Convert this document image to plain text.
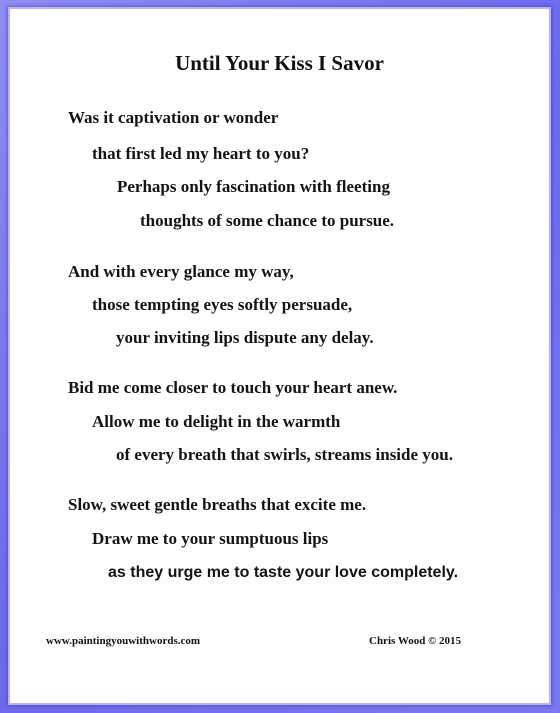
Until Your Kiss I Savor
Was it captivation or wonder
that first led my heart to you?
Perhaps only fascination with fleeting
thoughts of some chance to pursue.
And with every glance my way,
those tempting eyes softly persuade,
your inviting lips dispute any delay.
Bid me come closer to touch your heart anew.
Allow me to delight in the warmth
of every breath that swirls, streams inside you.
Slow, sweet gentle breaths that excite me.
Draw me to your sumptuous lips
as they urge me to taste your love completely.
www.paintingyouwithwords.com	Chris Wood © 2015
